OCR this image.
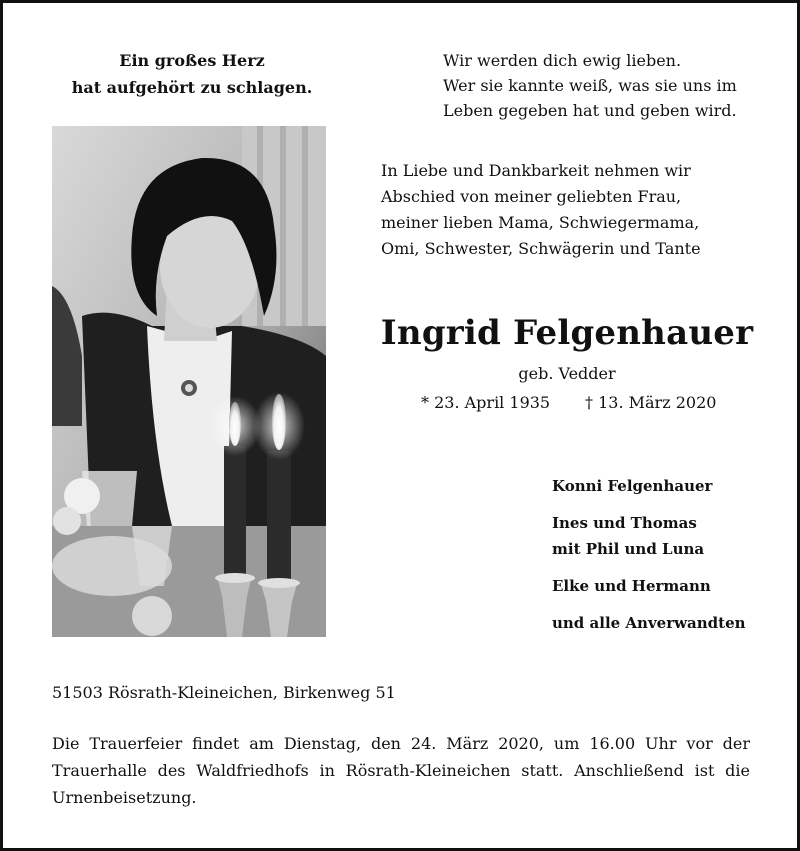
Ein großes Herz
hat aufgehört zu schlagen.
Wir werden dich ewig lieben.
Wer sie kannte weiß, was sie uns im
Leben gegeben hat und geben wird.
In Liebe und Dankbarkeit nehmen wir
Abschied von meiner geliebten Frau,
meiner lieben Mama, Schwiegermama,
Omi, Schwester, Schwägerin und Tante
Ingrid Felgenhauer
geb. Vedder
* 23. April 1935 † 13. März 2020
Konni Felgenhauer
Ines und Thomas
mit Phil und Luna
Elke und Hermann
und alle Anverwandten
51503 Rösrath-Kleineichen, Birkenweg 51
Die Trauerfeier findet am Dienstag, den 24. März 2020, um 16.00 Uhr vor der Trauerhalle des Waldfriedhofs in Rösrath-Kleineichen statt. Anschließend ist die Urnenbeisetzung.
